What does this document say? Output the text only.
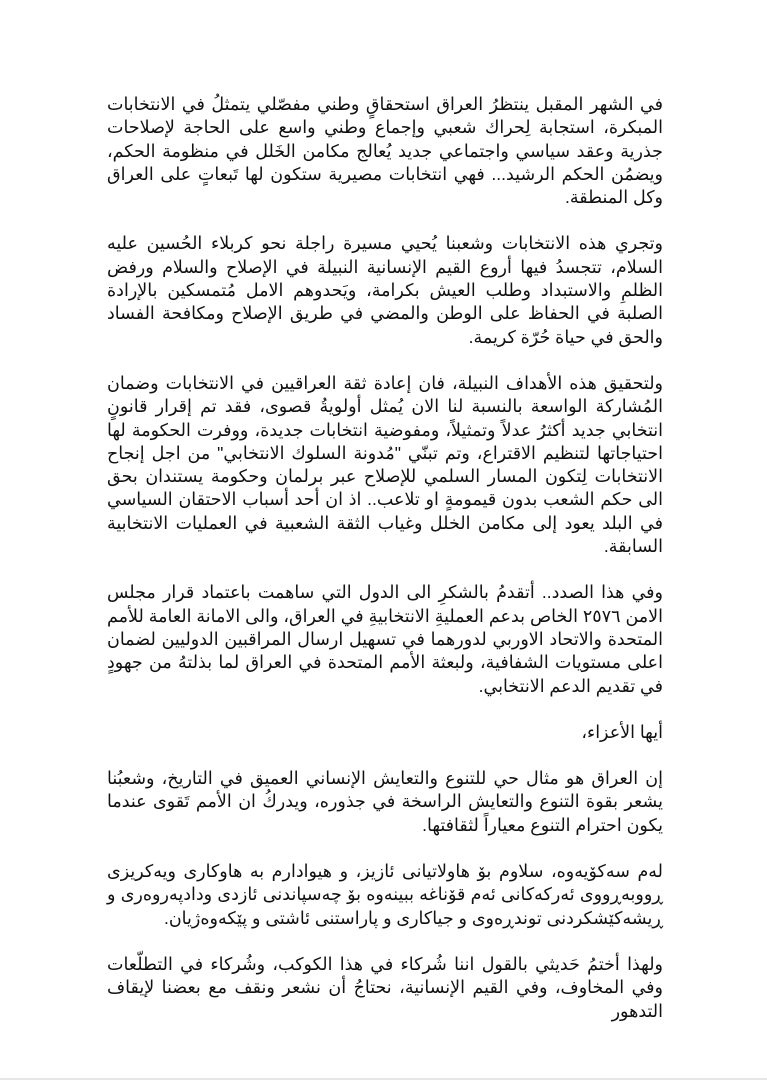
في الشهر المقبل ينتظرُ العراق استحقاقٍ وطني مفصّلي يتمثلُ في الانتخابات المبكرة، استجابة لِحراك شعبي وإجماع وطني واسع على الحاجة لإصلاحات جذرية وعقد سياسي واجتماعي جديد يُعالج مكامن الخَلل في منظومة الحكم، ويضمُن الحكم الرشيد... فهي انتخابات مصيرية ستكون لها تَبعاتٍ على العراق وكل المنطقة.

وتجري هذه الانتخابات وشعبنا يُحيي مسيرة راجلة نحو كربلاء الحُسين عليه السلام، تتجسدُ فيها أروع القيم الإنسانية النبيلة في الإصلاح والسلام ورفض الظلمِ والاستبداد وطلب العيش بكرامة، ويَحدوهم الامل مُتمسكين بالإرادة الصلبة في الحفاظ على الوطن والمضي في طريق الإصلاح ومكافحة الفساد والحق في حياة حُرّة كريمة.

ولتحقيق هذه الأهداف النبيلة، فان إعادة ثقة العراقيين في الانتخابات وضمان المُشاركة الواسعة بالنسبة لنا الان يُمثل أولويةُ قصوى، فقد تم إقرار قانونٍ انتخابي جديد أكثرُ عدلاً وتمثيلاً، ومفوضية انتخابات جديدة، ووفرت الحكومة لها احتياجاتها لتنظيم الاقتراع، وتم تبنّي "مُدونة السلوك الانتخابي" من اجل إنجاح الانتخابات لِتكون المسار السلمي للإصلاح عبر برلمان وحكومة يستندان بحق الى حكم الشعب بدون قيمومةٍ او تلاعب.. اذ ان أحد أسباب الاحتقان السياسي في البلد يعود إلى مكامن الخلل وغياب الثقة الشعبية في العمليات الانتخابية السابقة.

وفي هذا الصدد.. أتقدمُ بالشكرِ الى الدول التي ساهمت باعتماد قرار مجلس الامن ٢٥٧٦ الخاص بدعم العمليةِ الانتخابيةِ في العراق، والى الامانة العامة للأمم المتحدة والاتحاد الاوربي لدورهما في تسهيل ارسال المراقبين الدوليين لضمان اعلى مستويات الشفافية، ولبعثة الأمم المتحدة في العراق لما بذلتهُ من جهودٍ في تقديم الدعم الانتخابي.

أيها الأعزاء،

إن العراق هو مثال حي للتنوع والتعايش الإنساني العميق في التاريخ، وشعبُنا يشعر بقوة التنوع والتعايش الراسخة في جذوره، ويدركُ ان الأمم تَقوى عندما يكون احترام التنوع معياراً لثقافتها.

لەم سەکۆیەوە، سلاوم بۆ هاولاتیانی ئازیز، و هیوادارم بە هاوکاری ویەکریزی ڕووبەڕووی ئەرکەکانی ئەم قۆناغە ببینەوە بۆ چەسپاندنی ئازدی ودادپەروەری و ڕیشەکێشکردنی توندڕەوی و جیاکاری و پاراستنی ئاشتی و پێکەوەژیان.

ولهذا أختمُ حَديثي بالقول اننا شُركاء في هذا الكوكب، وشُركاء في التطلّعات وفي المخاوف، وفي القيم الإنسانية، نحتاجُ أن نشعر ونقف مع بعضنا لإيقاف التدهور
